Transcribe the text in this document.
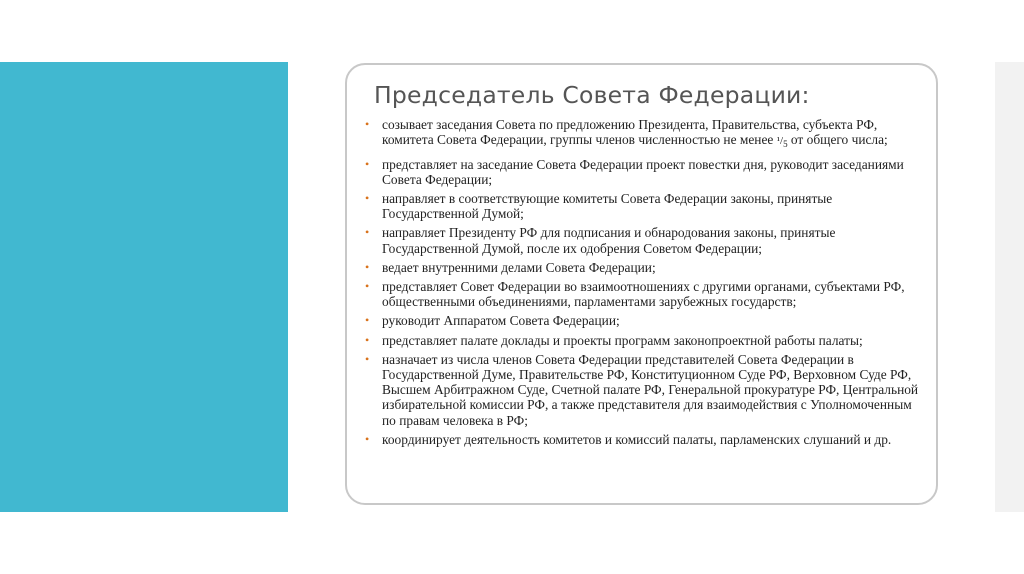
Председатель Совета Федерации:
• созывает заседания Совета по предложению Президента, Правительства, субъекта РФ, комитета Совета Федерации, группы членов численностью не менее $^1/_5$ от общего числа;
• представляет на заседание Совета Федерации проект повестки дня, руководит заседаниями Совета Федерации;
• направляет в соответствующие комитеты Совета Федерации законы, принятые Государственной Думой;
• направляет Президенту РФ для подписания и обнародования законы, принятые Государственной Думой, после их одобрения Советом Федерации;
• ведает внутренними делами Совета Федерации;
• представляет Совет Федерации во взаимоотношениях с другими органами, субъектами РФ, общественными объединениями, парламентами зарубежных государств;
• руководит Аппаратом Совета Федерации;
• представляет палате доклады и проекты программ законопроектной работы палаты;
• назначает из числа членов Совета Федерации представителей Совета Федерации в Государственной Думе, Правительстве РФ, Конституционном Суде РФ, Верховном Суде РФ, Высшем Арбитражном Суде, Счетной палате РФ, Генеральной прокуратуре РФ, Центральной избирательной комиссии РФ, а также представителя для взаимодействия с Уполномоченным по правам человека в РФ;
• координирует деятельность комитетов и комиссий палаты, парламенских слушаний и др.
